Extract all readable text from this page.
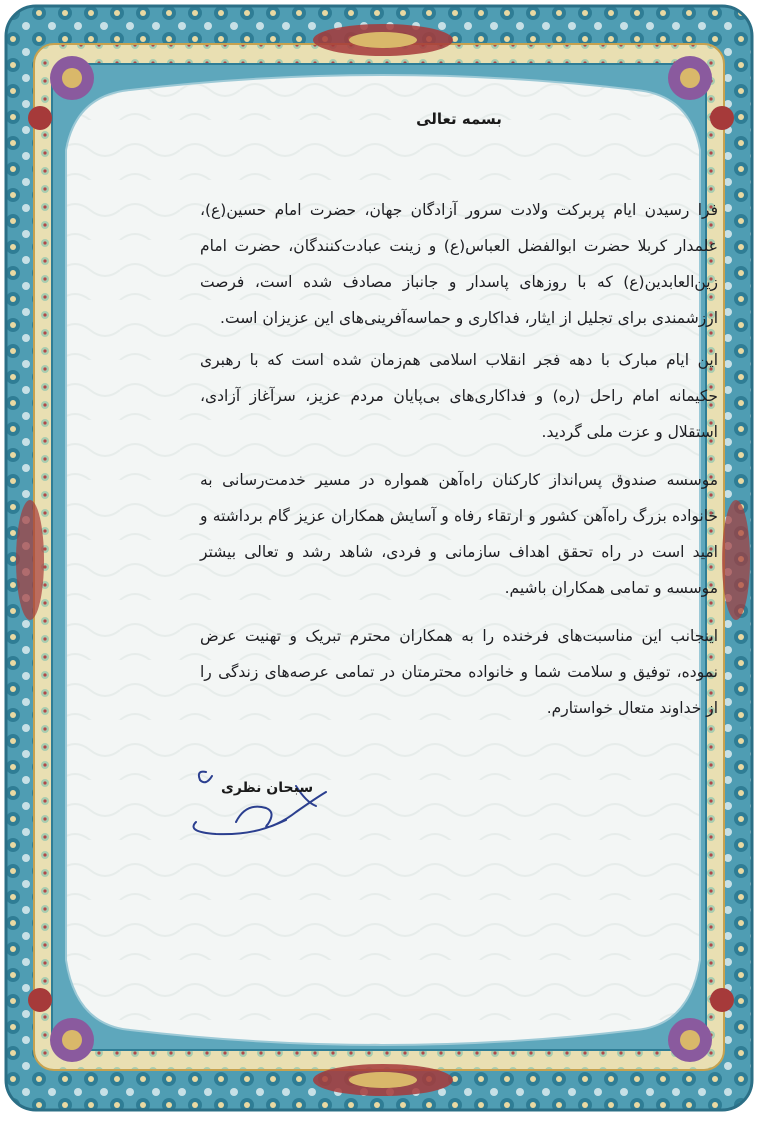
بسمه تعالی
فرا رسیدن ایام پربرکت ولادت سرور آزادگان جهان، حضرت امام حسین(ع)، علمدار کربلا حضرت ابوالفضل العباس(ع) و زینت عبادت‌کنندگان، حضرت امام زین‌العابدین(ع) که با روزهای پاسدار و جانباز مصادف شده است، فرصت ارزشمندی برای تجلیل از ایثار، فداکاری و حماسه‌آفرینی‌های این عزیزان است.
این ایام مبارک با دهه فجر انقلاب اسلامی هم‌زمان شده است که با رهبری حکیمانه امام راحل (ره) و فداکاری‌های بی‌پایان مردم عزیز، سرآغاز آزادی، استقلال و عزت ملی گردید.
موسسه صندوق پس‌انداز کارکنان راه‌آهن همواره در مسیر خدمت‌رسانی به خانواده بزرگ راه‌آهن کشور و ارتقاء رفاه و آسایش همکاران عزیز گام برداشته و امید است در راه تحقق اهداف سازمانی و فردی، شاهد رشد و تعالی بیشتر موسسه و تمامی همکاران باشیم.
اینجانب این مناسبت‌های فرخنده را به همکاران محترم تبریک و تهنیت عرض نموده، توفیق و سلامت شما و خانواده محترمتان در تمامی عرصه‌های زندگی را از خداوند متعال خواستارم.
سبحان نظری
